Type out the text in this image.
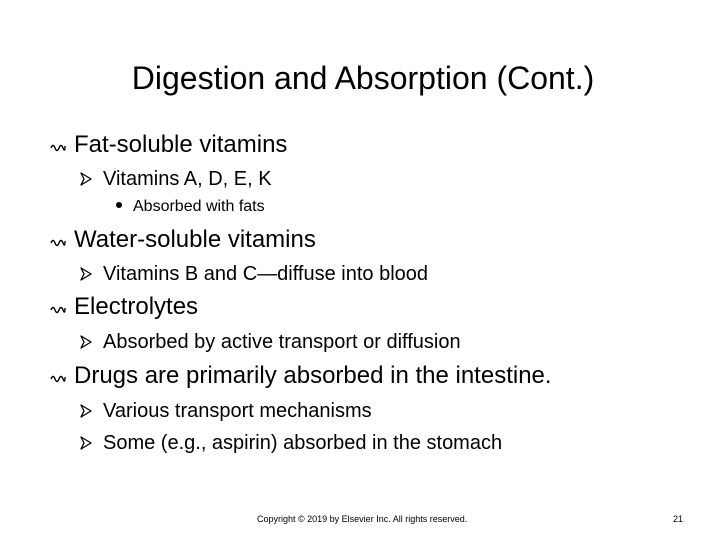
Digestion and Absorption (Cont.)
Fat-soluble vitamins
Vitamins A, D, E, K
Absorbed with fats
Water-soluble vitamins
Vitamins B and C—diffuse into blood
Electrolytes
Absorbed by active transport or diffusion
Drugs are primarily absorbed in the intestine.
Various transport mechanisms
Some (e.g., aspirin) absorbed in the stomach
Copyright © 2019 by Elsevier Inc. All rights reserved.	21
